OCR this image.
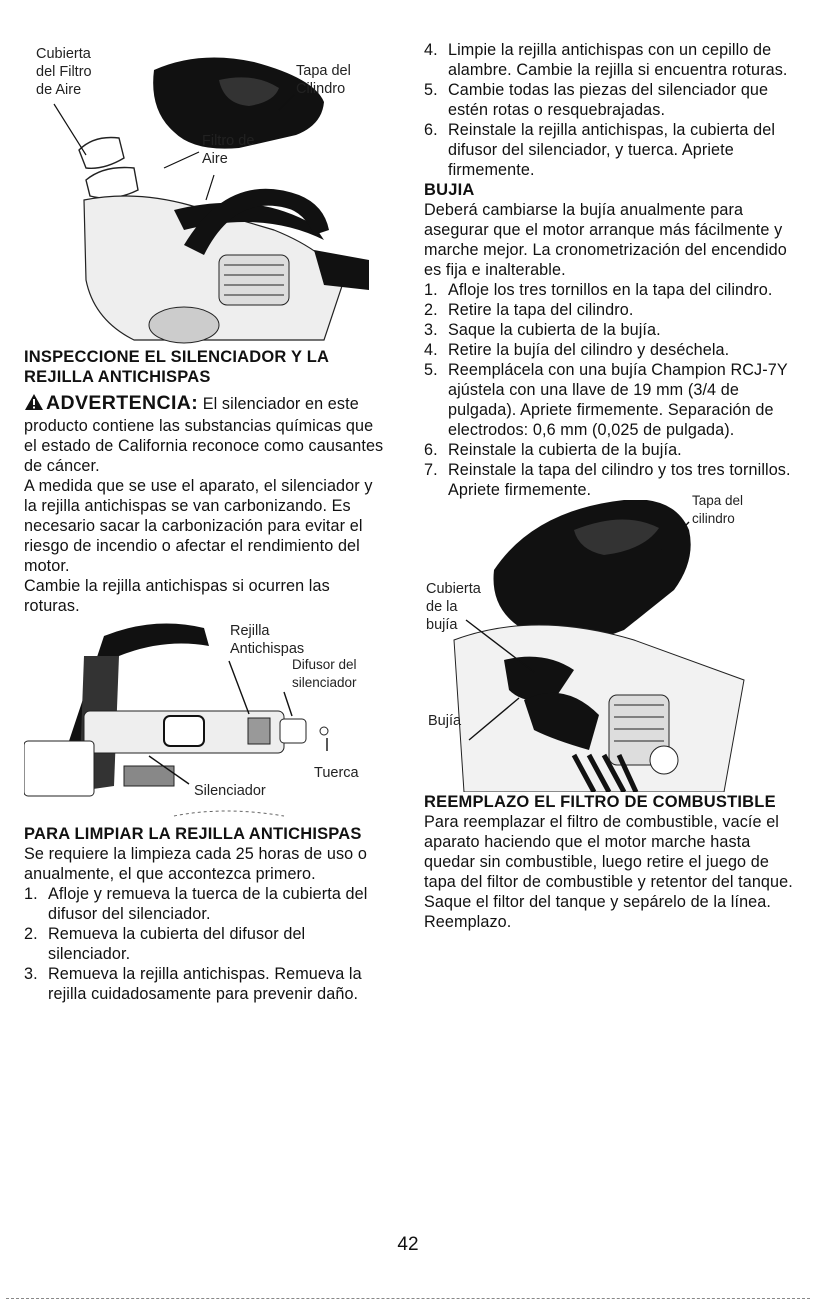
Cubierta
del Filtro
de Aire
Tapa del
Cilindro
Filtro de
Aire
INSPECCIONE EL SILENCIADOR Y LA REJILLA ANTICHISPAS

ADVERTENCIA: El silenciador en este producto contiene las substancias químicas que el estado de California reconoce como causantes de cáncer.

A medida que se use el aparato, el silenciador y la rejilla antichispas se van carbonizando. Es necesario sacar la carbonización para evitar el riesgo de incendio o afectar el rendimiento del motor.

Cambie la rejilla antichispas si ocurren las roturas.

Rejilla
Antichispas
Difusor del
silenciador
Tuerca
Silenciador
PARA LIMPIAR LA REJILLA ANTICHISPAS

Se requiere la limpieza cada 25 horas de uso o anualmente, el que accontezca primero.

1. Afloje y remueva la tuerca de la cubierta del difusor del silenciador.
2. Remueva la cubierta del difusor del silenciador.
3. Remueva la rejilla antichispas. Remueva la rejilla cuidadosamente para prevenir daño.
4. Limpie la rejilla antichispas con un cepillo de alambre. Cambie la rejilla si encuentra roturas.
5. Cambie todas las piezas del silenciador que estén rotas o resquebrajadas.
6. Reinstale la rejilla antichispas, la cubierta del difusor del silenciador, y tuerca. Apriete firmemente.
BUJIA

Deberá cambiarse la bujía anualmente para asegurar que el motor arranque más fácilmente y marche mejor. La cronometrización del encendido es fija e inalterable.

1. Afloje los tres tornillos en la tapa del cilindro.
2. Retire la tapa del cilindro.
3. Saque la cubierta de la bujía.
4. Retire la bujía del cilindro y deséchela.
5. Reemplácela con una bujía Champion RCJ-7Y ajústela con una llave de 19 mm (3/4 de pulgada). Apriete firmemente. Separación de electrodos: 0,6 mm (0,025 de pulgada).
6. Reinstale la cubierta de la bujía.
7. Reinstale la tapa del cilindro y tos tres tornillos. Apriete firmemente.
Tapa del
cilindro
Cubierta
de la
bujía
Bujía
REEMPLAZO EL FILTRO DE COMBUSTIBLE

Para reemplazar el filtro de combustible, vacíe el aparato haciendo que el motor marche hasta quedar sin combustible, luego retire el juego de tapa del filtor de combustible y retentor del tanque. Saque el filtor del tanque y sepárelo de la línea. Reemplazo.

42
